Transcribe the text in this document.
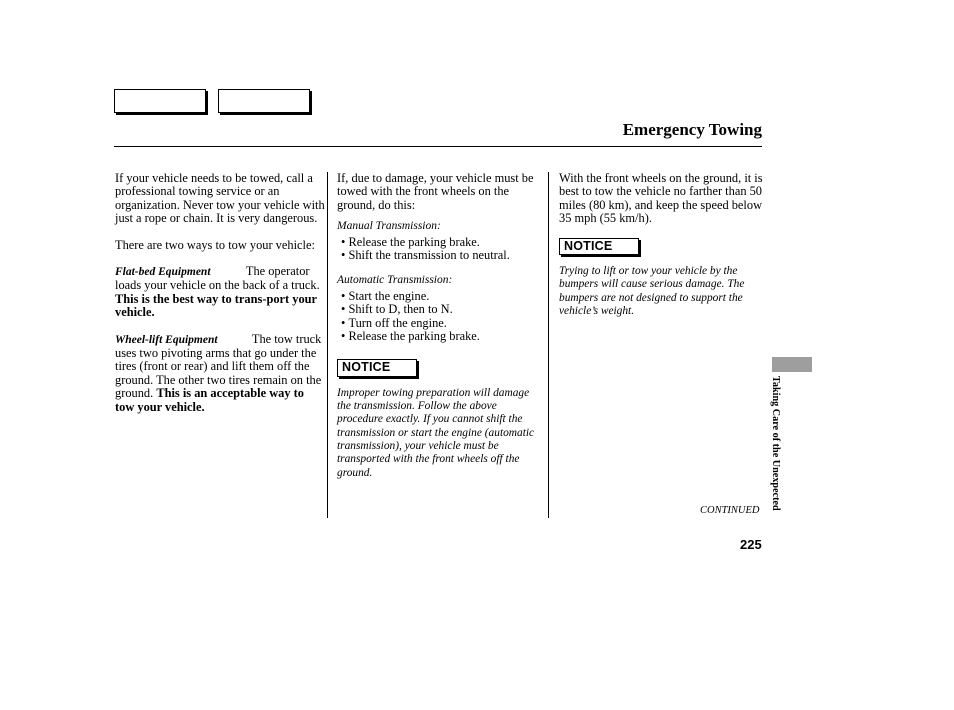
Emergency Towing

If your vehicle needs to be towed, call a professional towing service or an organization. Never tow your vehicle with just a rope or chain. It is very dangerous.

There are two ways to tow your vehicle:

Flat-bed Equipment	The operator loads your vehicle on the back of a truck. This is the best way to trans-port your vehicle.

Wheel-lift Equipment	The tow truck uses two pivoting arms that go under the tires (front or rear) and lift them off the ground. The other two tires remain on the ground. This is an acceptable way to tow your vehicle.

If, due to damage, your vehicle must be towed with the front wheels on the ground, do this:

Manual Transmission:
• Release the parking brake.
• Shift the transmission to neutral.
Automatic Transmission:
• Start the engine.
• Shift to D, then to N.
• Turn off the engine.
• Release the parking brake.
NOTICE

Improper towing preparation will damage the transmission. Follow the above procedure exactly. If you cannot shift the transmission or start the engine (automatic transmission), your vehicle must be transported with the front wheels off the ground.

With the front wheels on the ground, it is best to tow the vehicle no farther than 50 miles (80 km), and keep the speed below 35 mph (55 km/h).

NOTICE

Trying to lift or tow your vehicle by the bumpers will cause serious damage. The bumpers are not designed to support the vehicle’s weight.

CONTINUED
225
Taking Care of the Unexpected
